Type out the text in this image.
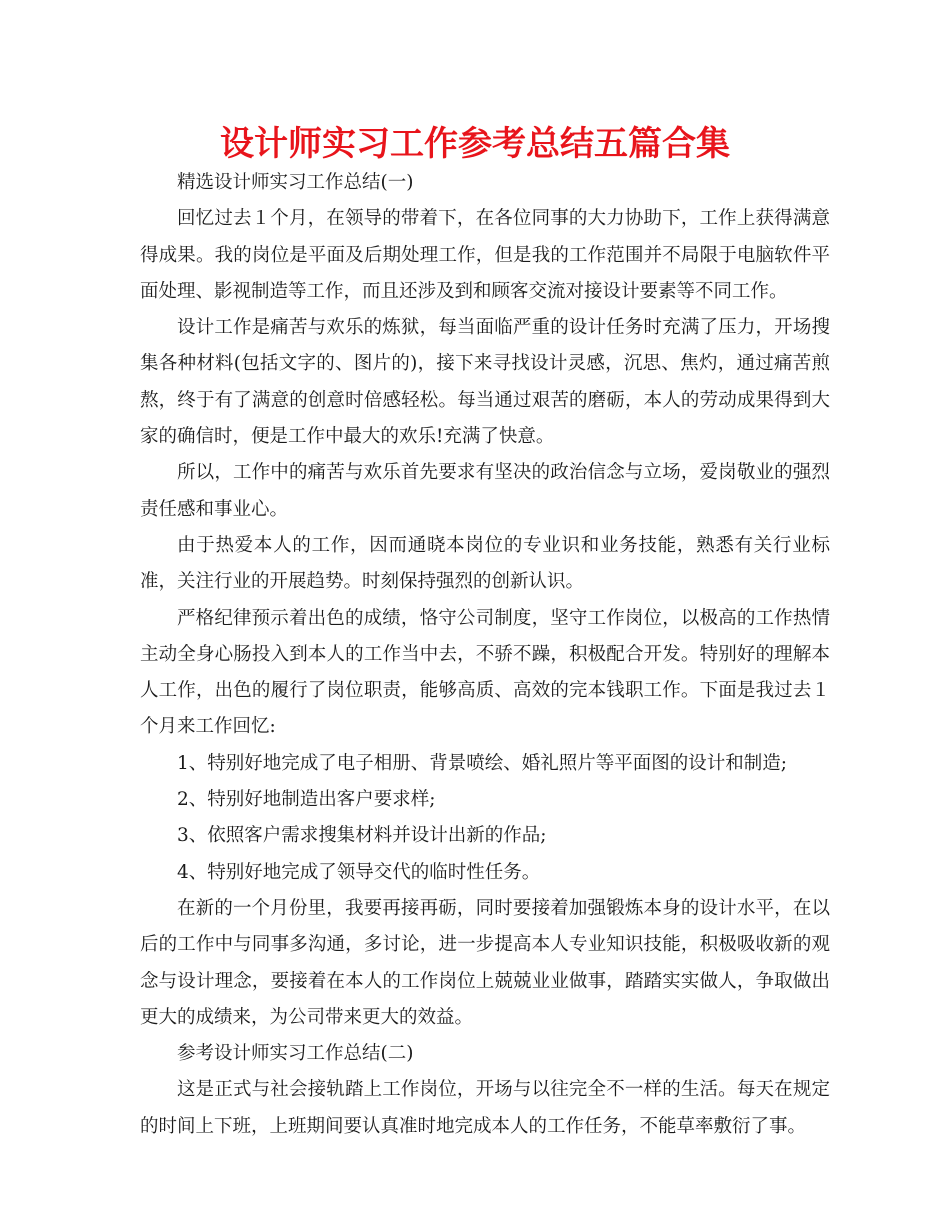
设计师实习工作参考总结五篇合集

精选设计师实习工作总结(一)

回忆过去１个月，在领导的带着下，在各位同事的大力协助下，工作上获得满意得成果。我的岗位是平面及后期处理工作，但是我的工作范围并不局限于电脑软件平面处理、影视制造等工作，而且还涉及到和顾客交流对接设计要素等不同工作。

设计工作是痛苦与欢乐的炼狱，每当面临严重的设计任务时充满了压力，开场搜集各种材料(包括文字的、图片的)，接下来寻找设计灵感，沉思、焦灼，通过痛苦煎熬，终于有了满意的创意时倍感轻松。每当通过艰苦的磨砺，本人的劳动成果得到大家的确信时，便是工作中最大的欢乐!充满了快意。

所以，工作中的痛苦与欢乐首先要求有坚决的政治信念与立场，爱岗敬业的强烈责任感和事业心。

由于热爱本人的工作，因而通晓本岗位的专业识和业务技能，熟悉有关行业标准，关注行业的开展趋势。时刻保持强烈的创新认识。

严格纪律预示着出色的成绩，恪守公司制度，坚守工作岗位，以极高的工作热情主动全身心肠投入到本人的工作当中去，不骄不躁，积极配合开发。特别好的理解本人工作，出色的履行了岗位职责，能够高质、高效的完本钱职工作。下面是我过去１个月来工作回忆:

1、特别好地完成了电子相册、背景喷绘、婚礼照片等平面图的设计和制造;

2、特别好地制造出客户要求样;

3、依照客户需求搜集材料并设计出新的作品;

4、特别好地完成了领导交代的临时性任务。

在新的一个月份里，我要再接再砺，同时要接着加强锻炼本身的设计水平，在以后的工作中与同事多沟通，多讨论，进一步提高本人专业知识技能，积极吸收新的观念与设计理念，要接着在本人的工作岗位上兢兢业业做事，踏踏实实做人，争取做出更大的成绩来，为公司带来更大的效益。

参考设计师实习工作总结(二)

这是正式与社会接轨踏上工作岗位，开场与以往完全不一样的生活。每天在规定的时间上下班，上班期间要认真准时地完成本人的工作任务，不能草率敷衍了事。
